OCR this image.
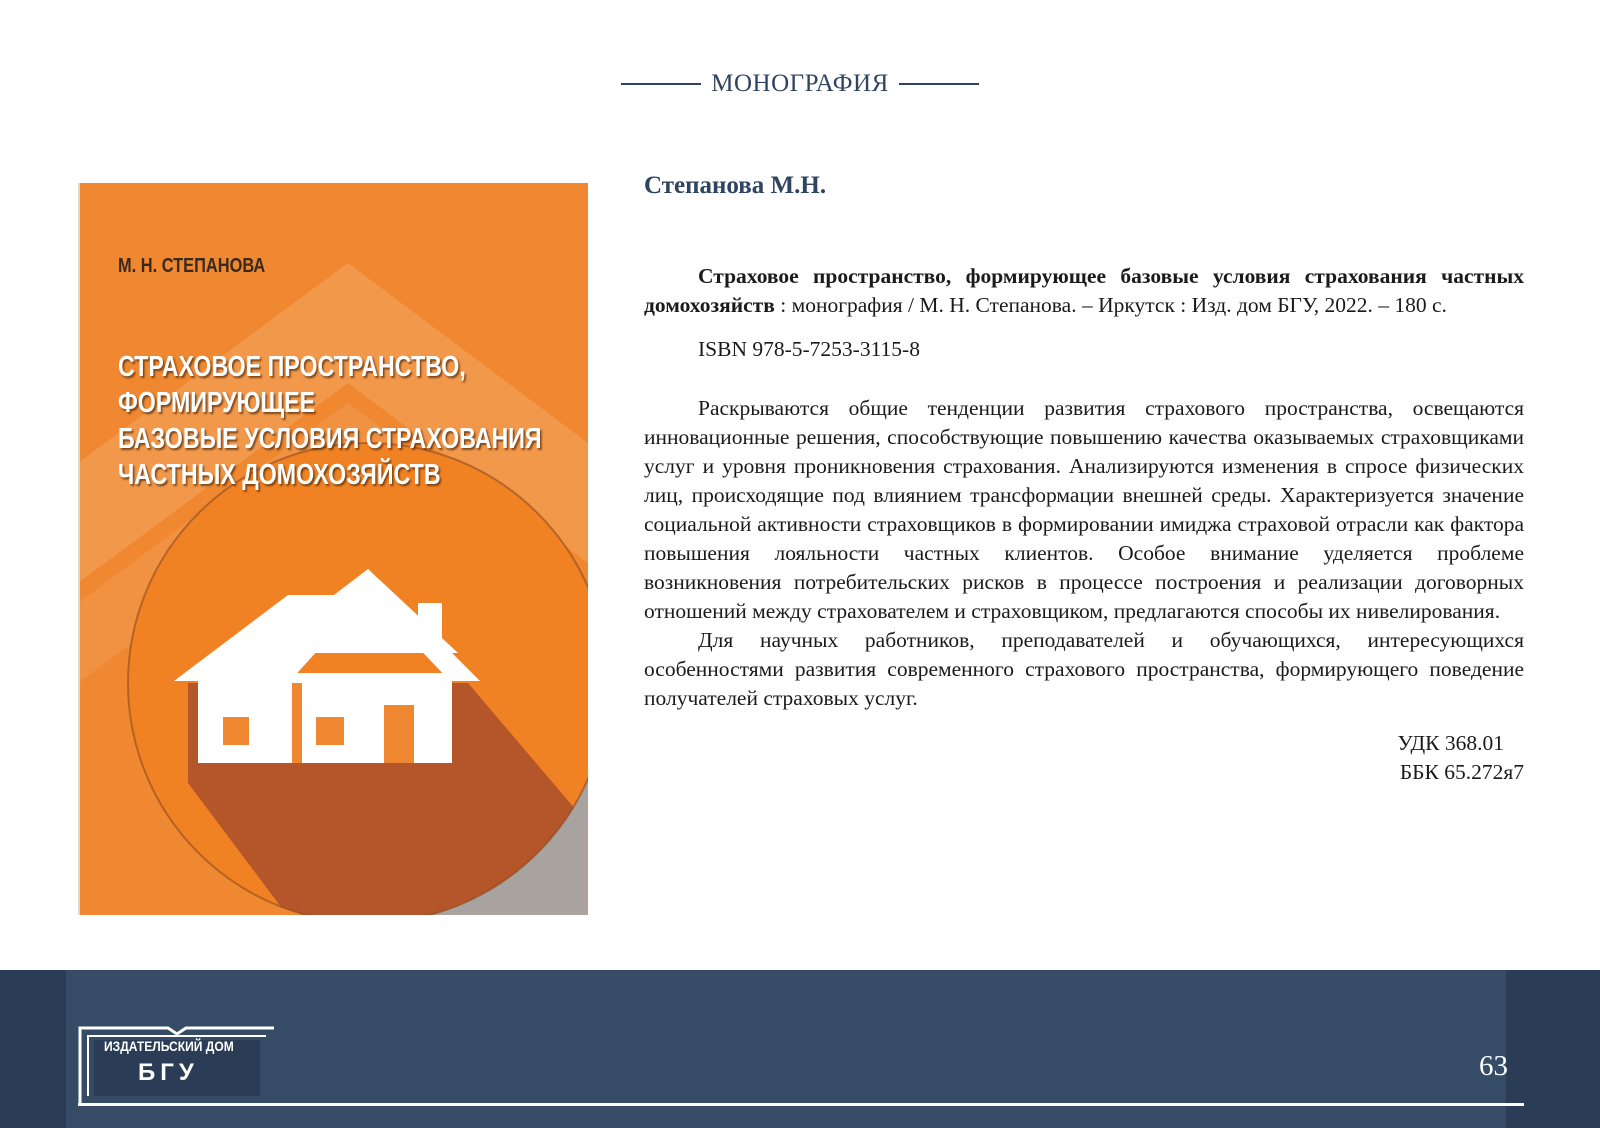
МОНОГРАФИЯ
М. Н. СТЕПАНОВА
СТРАХОВОЕ ПРОСТРАНСТВО,
ФОРМИРУЮЩЕЕ
БАЗОВЫЕ УСЛОВИЯ СТРАХОВАНИЯ
ЧАСТНЫХ ДОМОХОЗЯЙСТВ
Степанова М.Н.

Страховое пространство, формирующее базовые условия страхования частных домохозяйств : монография / М. Н. Степанова. – Иркутск : Изд. дом БГУ, 2022. – 180 с.

ISBN 978-5-7253-3115-8

Раскрываются общие тенденции развития страхового пространства, освещаются инновационные решения, способствующие повышению качества оказываемых страховщиками услуг и уровня проникновения страхования. Анализируются изменения в спросе физических лиц, происходящие под влиянием трансформации внешней среды. Характеризуется значение социальной активности страховщиков в формировании имиджа страховой отрасли как фактора повышения лояльности частных клиентов. Особое внимание уделяется проблеме возникновения потребительских рисков в процессе построения и реализации договорных отношений между страхователем и страховщиком, предлагаются способы их нивелирования.

Для научных работников, преподавателей и обучающихся, интересующихся особенностями развития современного страхового пространства, формирующего поведение получателей страховых услуг.

УДК 368.01
ББК 65.272я7
ИЗДАТЕЛЬСКИЙ ДОМ
БГУ	63
